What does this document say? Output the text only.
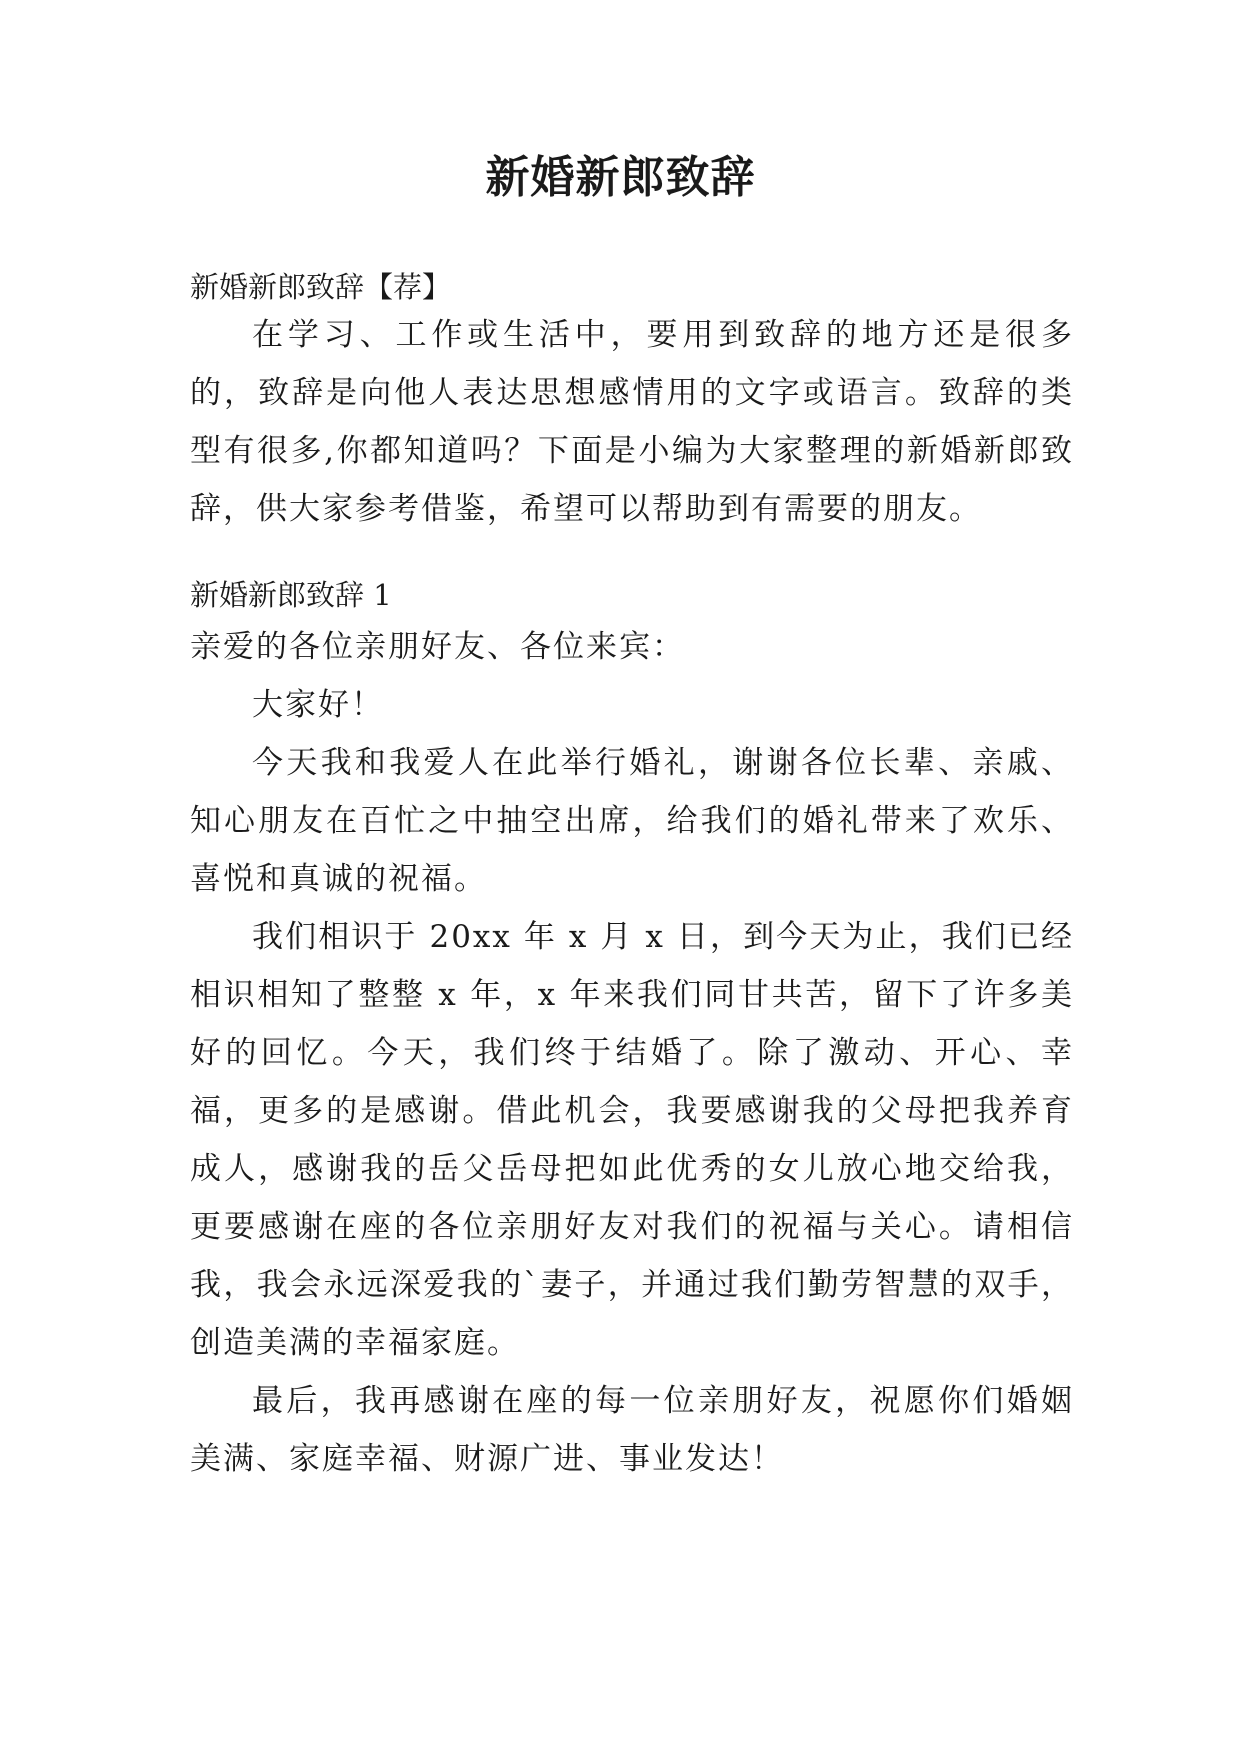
新婚新郎致辞
新婚新郎致辞【荐】

在学习、工作或生活中，要用到致辞的地方还是很多的，致辞是向他人表达思想感情用的文字或语言。致辞的类型有很多,你都知道吗？下面是小编为大家整理的新婚新郎致辞，供大家参考借鉴，希望可以帮助到有需要的朋友。

新婚新郎致辞 1

亲爱的各位亲朋好友、各位来宾：

大家好！

今天我和我爱人在此举行婚礼，谢谢各位长辈、亲戚、知心朋友在百忙之中抽空出席，给我们的婚礼带来了欢乐、喜悦和真诚的祝福。

我们相识于 20xx 年 x 月 x 日，到今天为止，我们已经相识相知了整整 x 年，x 年来我们同甘共苦，留下了许多美好的回忆。今天，我们终于结婚了。除了激动、开心、幸福，更多的是感谢。借此机会，我要感谢我的父母把我养育成人，感谢我的岳父岳母把如此优秀的女儿放心地交给我，更要感谢在座的各位亲朋好友对我们的祝福与关心。请相信我，我会永远深爱我的`妻子，并通过我们勤劳智慧的双手，创造美满的幸福家庭。

最后，我再感谢在座的每一位亲朋好友，祝愿你们婚姻美满、家庭幸福、财源广进、事业发达！
